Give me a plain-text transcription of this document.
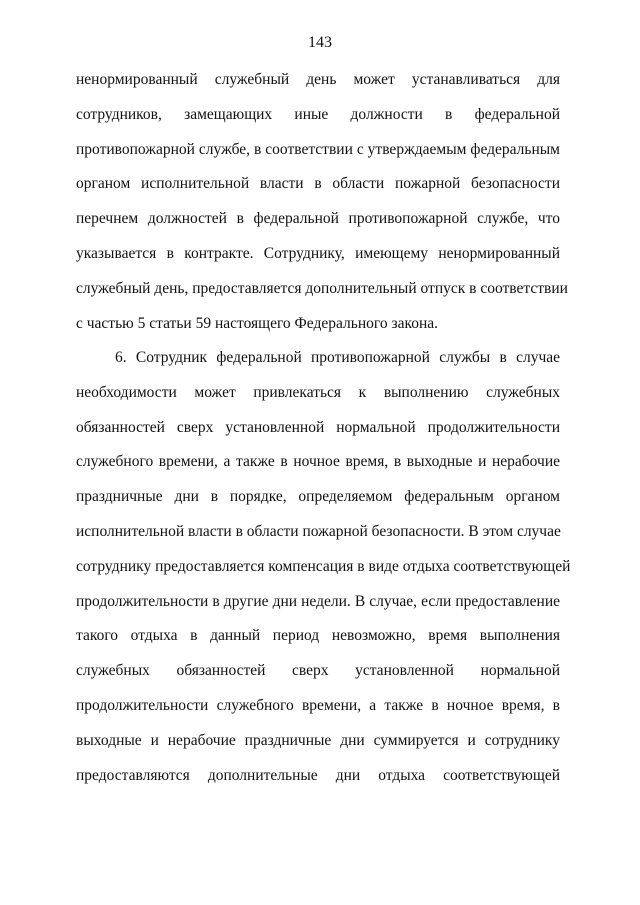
143
ненормированный служебный день может устанавливаться для
сотрудников, замещающих иные должности в федеральной
противопожарной службе, в соответствии с утверждаемым федеральным
органом исполнительной власти в области пожарной безопасности
перечнем должностей в федеральной противопожарной службе, что
указывается в контракте. Сотруднику, имеющему ненормированный
служебный день, предоставляется дополнительный отпуск в соответствии
с частью 5 статьи 59 настоящего Федерального закона.
6. Сотрудник федеральной противопожарной службы в случае
необходимости может привлекаться к выполнению служебных
обязанностей сверх установленной нормальной продолжительности
служебного времени, а также в ночное время, в выходные и нерабочие
праздничные дни в порядке, определяемом федеральным органом
исполнительной власти в области пожарной безопасности. В этом случае
сотруднику предоставляется компенсация в виде отдыха соответствующей
продолжительности в другие дни недели. В случае, если предоставление
такого отдыха в данный период невозможно, время выполнения
служебных обязанностей сверх установленной нормальной
продолжительности служебного времени, а также в ночное время, в
выходные и нерабочие праздничные дни суммируется и сотруднику
предоставляются дополнительные дни отдыха соответствующей
